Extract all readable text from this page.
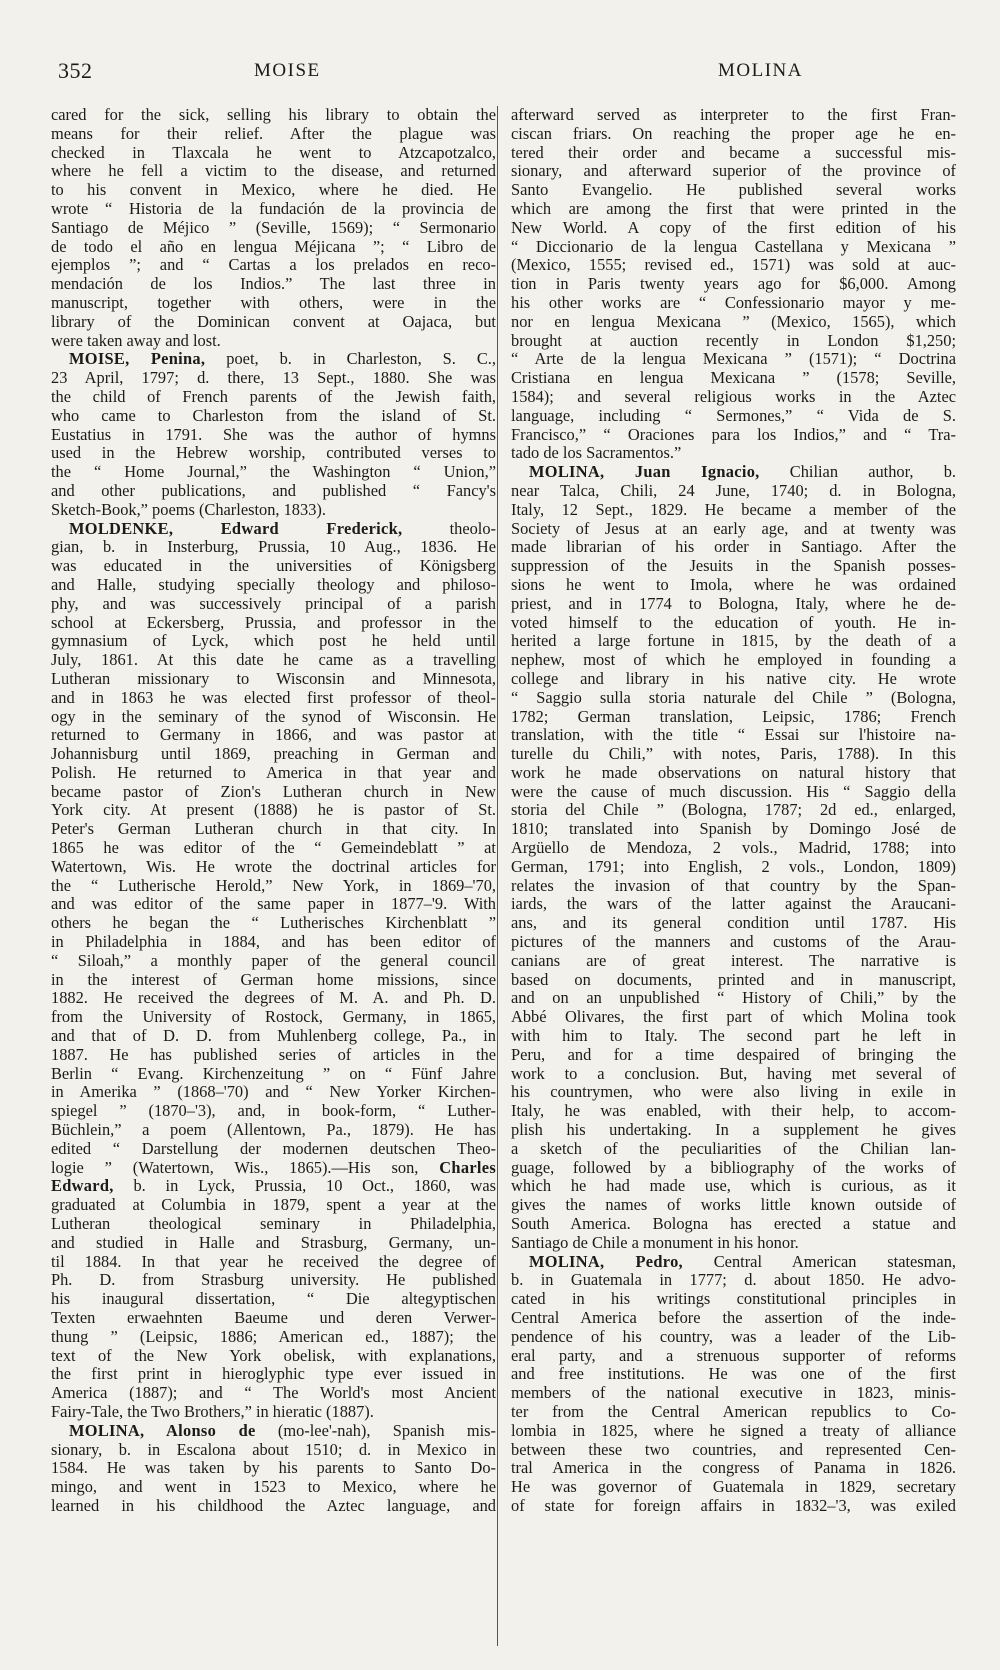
352	MOISE	MOLINA
cared for the sick, selling his library to obtain the
means for their relief. After the plague was
checked in Tlaxcala he went to Atzcapotzalco,
where he fell a victim to the disease, and returned
to his convent in Mexico, where he died. He
wrote “ Historia de la fundación de la provincia de
Santiago de Méjico ” (Seville, 1569); “ Sermonario
de todo el año en lengua Méjicana ”; “ Libro de
ejemplos ”; and “ Cartas a los prelados en reco-
mendación de los Indios.” The last three in
manuscript, together with others, were in the
library of the Dominican convent at Oajaca, but
were taken away and lost.
MOISE, Penina, poet, b. in Charleston, S. C.,
23 April, 1797; d. there, 13 Sept., 1880. She was
the child of French parents of the Jewish faith,
who came to Charleston from the island of St.
Eustatius in 1791. She was the author of hymns
used in the Hebrew worship, contributed verses to
the “ Home Journal,” the Washington “ Union,”
and other publications, and published “ Fancy's
Sketch-Book,” poems (Charleston, 1833).
MOLDENKE, Edward Frederick, theolo-
gian, b. in Insterburg, Prussia, 10 Aug., 1836. He
was educated in the universities of Königsberg
and Halle, studying specially theology and philoso-
phy, and was successively principal of a parish
school at Eckersberg, Prussia, and professor in the
gymnasium of Lyck, which post he held until
July, 1861. At this date he came as a travelling
Lutheran missionary to Wisconsin and Minnesota,
and in 1863 he was elected first professor of theol-
ogy in the seminary of the synod of Wisconsin. He
returned to Germany in 1866, and was pastor at
Johannisburg until 1869, preaching in German and
Polish. He returned to America in that year and
became pastor of Zion's Lutheran church in New
York city. At present (1888) he is pastor of St.
Peter's German Lutheran church in that city. In
1865 he was editor of the “ Gemeindeblatt ” at
Watertown, Wis. He wrote the doctrinal articles for
the “ Lutherische Herold,” New York, in 1869–'70,
and was editor of the same paper in 1877–'9. With
others he began the “ Lutherisches Kirchenblatt ”
in Philadelphia in 1884, and has been editor of
“ Siloah,” a monthly paper of the general council
in the interest of German home missions, since
1882. He received the degrees of M. A. and Ph. D.
from the University of Rostock, Germany, in 1865,
and that of D. D. from Muhlenberg college, Pa., in
1887. He has published series of articles in the
Berlin “ Evang. Kirchenzeitung ” on “ Fünf Jahre
in Amerika ” (1868–'70) and “ New Yorker Kirchen-
spiegel ” (1870–'3), and, in book-form, “ Luther-
Büchlein,” a poem (Allentown, Pa., 1879). He has
edited “ Darstellung der modernen deutschen Theo-
logie ” (Watertown, Wis., 1865).—His son, Charles
Edward, b. in Lyck, Prussia, 10 Oct., 1860, was
graduated at Columbia in 1879, spent a year at the
Lutheran theological seminary in Philadelphia,
and studied in Halle and Strasburg, Germany, un-
til 1884. In that year he received the degree of
Ph. D. from Strasburg university. He published
his inaugural dissertation, “ Die altegyptischen
Texten erwaehnten Baeume und deren Verwer-
thung ” (Leipsic, 1886; American ed., 1887); the
text of the New York obelisk, with explanations,
the first print in hieroglyphic type ever issued in
America (1887); and “ The World's most Ancient
Fairy-Tale, the Two Brothers,” in hieratic (1887).
MOLINA, Alonso de (mo-lee'-nah), Spanish mis-
sionary, b. in Escalona about 1510; d. in Mexico in
1584. He was taken by his parents to Santo Do-
mingo, and went in 1523 to Mexico, where he
learned in his childhood the Aztec language, and
afterward served as interpreter to the first Fran-
ciscan friars. On reaching the proper age he en-
tered their order and became a successful mis-
sionary, and afterward superior of the province of
Santo Evangelio. He published several works
which are among the first that were printed in the
New World. A copy of the first edition of his
“ Diccionario de la lengua Castellana y Mexicana ”
(Mexico, 1555; revised ed., 1571) was sold at auc-
tion in Paris twenty years ago for $6,000. Among
his other works are “ Confessionario mayor y me-
nor en lengua Mexicana ” (Mexico, 1565), which
brought at auction recently in London $1,250;
“ Arte de la lengua Mexicana ” (1571); “ Doctrina
Cristiana en lengua Mexicana ” (1578; Seville,
1584); and several religious works in the Aztec
language, including “ Sermones,” “ Vida de S.
Francisco,” “ Oraciones para los Indios,” and “ Tra-
tado de los Sacramentos.”
MOLINA, Juan Ignacio, Chilian author, b.
near Talca, Chili, 24 June, 1740; d. in Bologna,
Italy, 12 Sept., 1829. He became a member of the
Society of Jesus at an early age, and at twenty was
made librarian of his order in Santiago. After the
suppression of the Jesuits in the Spanish posses-
sions he went to Imola, where he was ordained
priest, and in 1774 to Bologna, Italy, where he de-
voted himself to the education of youth. He in-
herited a large fortune in 1815, by the death of a
nephew, most of which he employed in founding a
college and library in his native city. He wrote
“ Saggio sulla storia naturale del Chile ” (Bologna,
1782; German translation, Leipsic, 1786; French
translation, with the title “ Essai sur l'histoire na-
turelle du Chili,” with notes, Paris, 1788). In this
work he made observations on natural history that
were the cause of much discussion. His “ Saggio della
storia del Chile ” (Bologna, 1787; 2d ed., enlarged,
1810; translated into Spanish by Domingo José de
Argüello de Mendoza, 2 vols., Madrid, 1788; into
German, 1791; into English, 2 vols., London, 1809)
relates the invasion of that country by the Span-
iards, the wars of the latter against the Araucani-
ans, and its general condition until 1787. His
pictures of the manners and customs of the Arau-
canians are of great interest. The narrative is
based on documents, printed and in manuscript,
and on an unpublished “ History of Chili,” by the
Abbé Olivares, the first part of which Molina took
with him to Italy. The second part he left in
Peru, and for a time despaired of bringing the
work to a conclusion. But, having met several of
his countrymen, who were also living in exile in
Italy, he was enabled, with their help, to accom-
plish his undertaking. In a supplement he gives
a sketch of the peculiarities of the Chilian lan-
guage, followed by a bibliography of the works of
which he had made use, which is curious, as it
gives the names of works little known outside of
South America. Bologna has erected a statue and
Santiago de Chile a monument in his honor.
MOLINA, Pedro, Central American statesman,
b. in Guatemala in 1777; d. about 1850. He advo-
cated in his writings constitutional principles in
Central America before the assertion of the inde-
pendence of his country, was a leader of the Lib-
eral party, and a strenuous supporter of reforms
and free institutions. He was one of the first
members of the national executive in 1823, minis-
ter from the Central American republics to Co-
lombia in 1825, where he signed a treaty of alliance
between these two countries, and represented Cen-
tral America in the congress of Panama in 1826.
He was governor of Guatemala in 1829, secretary
of state for foreign affairs in 1832–'3, was exiled
